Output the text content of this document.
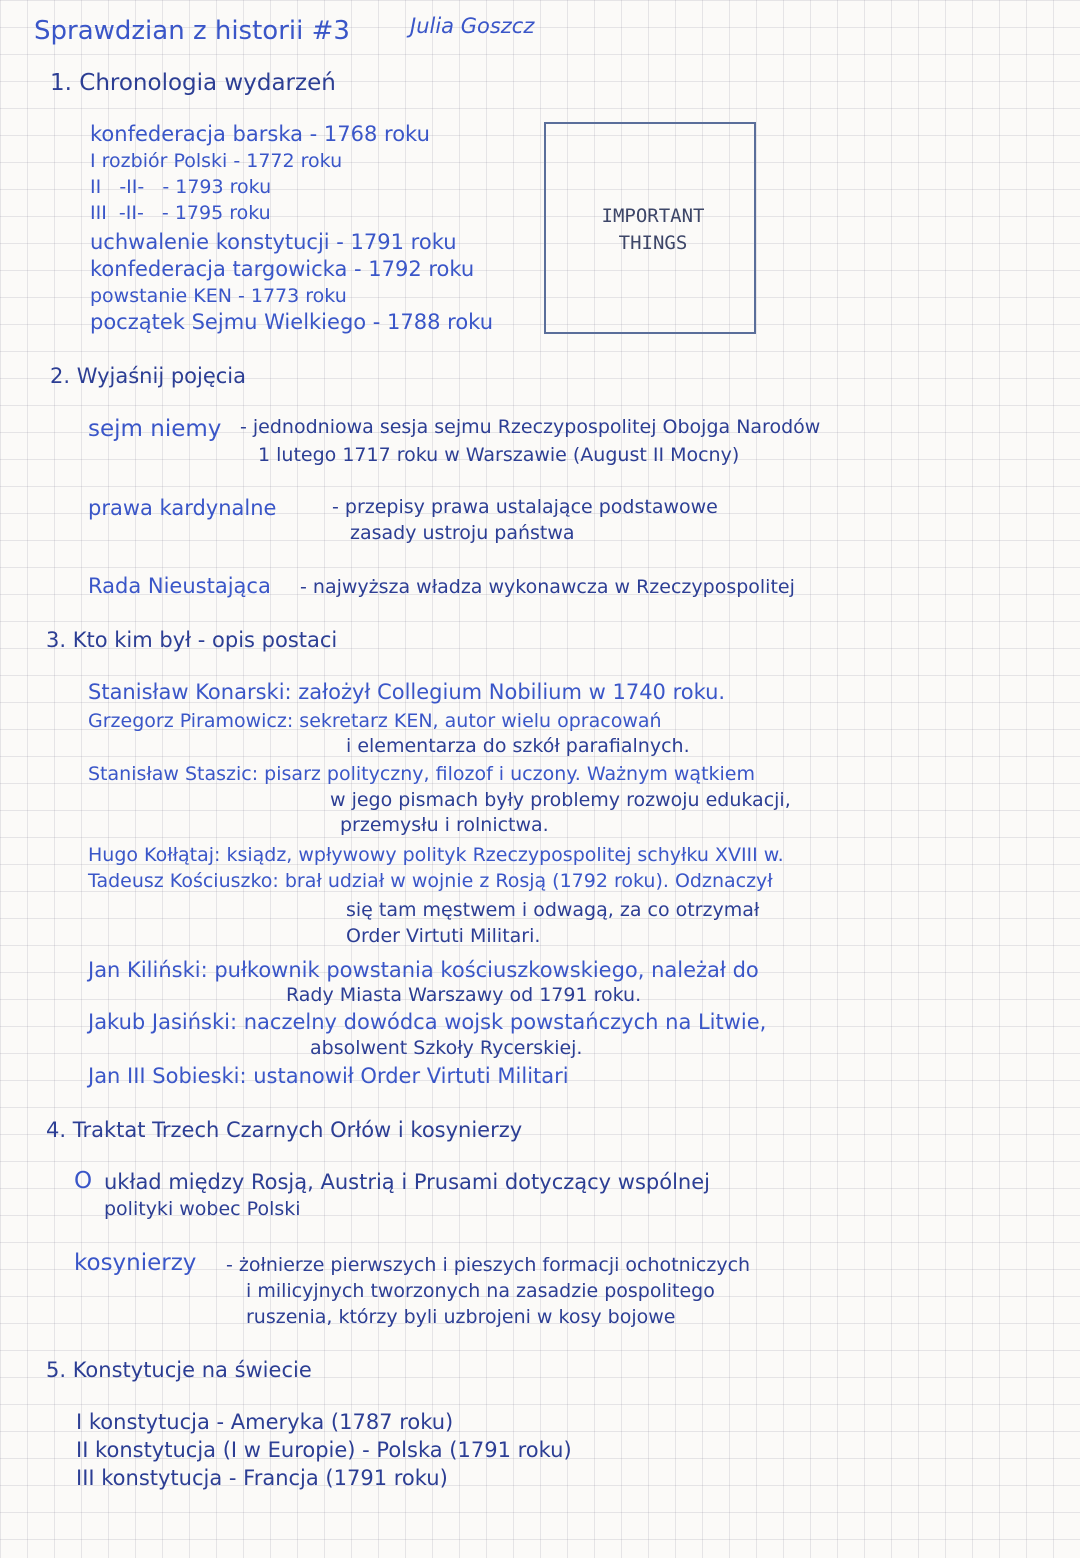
Sprawdzian z historii #3	Julia Goszcz
1. Chronologia wydarzeń
konfederacja barska - 1768 roku
I rozbiór Polski - 1772 roku
II   -II-   - 1793 roku
III  -II-   - 1795 roku
uchwalenie konstytucji - 1791 roku
konfederacja targowicka - 1792 roku
powstanie KEN - 1773 roku
początek Sejmu Wielkiego - 1788 roku
IMPORTANT
THINGS
2. Wyjaśnij pojęcia
sejm niemy - jednodniowa sesja sejmu Rzeczypospolitej Obojga Narodów
1 lutego 1717 roku w Warszawie (August II Mocny)
prawa kardynalne	- przepisy prawa ustalające podstawowe
zasady ustroju państwa
Rada Nieustająca - najwyższa władza wykonawcza w Rzeczypospolitej
3. Kto kim był - opis postaci
Stanisław Konarski: założył Collegium Nobilium w 1740 roku.
Grzegorz Piramowicz: sekretarz KEN, autor wielu opracowań
i elementarza do szkół parafialnych.
Stanisław Staszic: pisarz polityczny, filozof i uczony. Ważnym wątkiem
w jego pismach były problemy rozwoju edukacji,
przemysłu i rolnictwa.
Hugo Kołłątaj: ksiądz, wpływowy polityk Rzeczypospolitej schyłku XVIII w.
Tadeusz Kościuszko: brał udział w wojnie z Rosją (1792 roku). Odznaczył
się tam męstwem i odwagą, za co otrzymał
Order Virtuti Militari.
Jan Kiliński: pułkownik powstania kościuszkowskiego, należał do
Rady Miasta Warszawy od 1791 roku.
Jakub Jasiński: naczelny dowódca wojsk powstańczych na Litwie,
absolwent Szkoły Rycerskiej.
Jan III Sobieski: ustanowił Order Virtuti Militari
4. Traktat Trzech Czarnych Orłów i kosynierzy
O układ między Rosją, Austrią i Prusami dotyczący wspólnej
polityki wobec Polski
kosynierzy - żołnierze pierwszych i pieszych formacji ochotniczych
i milicyjnych tworzonych na zasadzie pospolitego
ruszenia, którzy byli uzbrojeni w kosy bojowe
5. Konstytucje na świecie
I konstytucja - Ameryka (1787 roku)
II konstytucja (I w Europie) - Polska (1791 roku)
III konstytucja - Francja (1791 roku)
